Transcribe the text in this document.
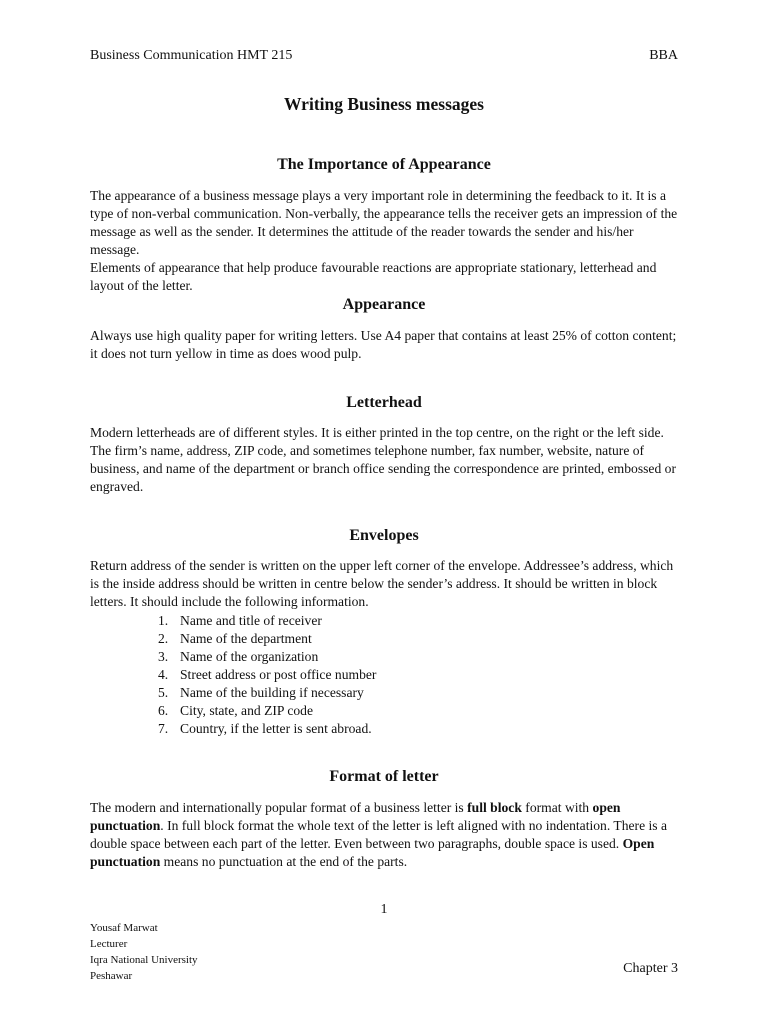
Business Communication HMT 215	BBA
Writing Business messages
The Importance of Appearance

The appearance of a business message plays a very important role in determining the feedback to it. It is a type of non-verbal communication. Non-verbally, the appearance tells the receiver gets an impression of the message as well as the sender. It determines the attitude of the reader towards the sender and his/her message.

Elements of appearance that help produce favourable reactions are appropriate stationary, letterhead and layout of the letter.

Appearance

Always use high quality paper for writing letters. Use A4 paper that contains at least 25% of cotton content; it does not turn yellow in time as does wood pulp.

Letterhead

Modern letterheads are of different styles. It is either printed in the top centre, on the right or the left side. The firm’s name, address, ZIP code, and sometimes telephone number, fax number, website, nature of business, and name of the department or branch office sending the correspondence are printed, embossed or engraved.

Envelopes

Return address of the sender is written on the upper left corner of the envelope. Addressee’s address, which is the inside address should be written in centre below the sender’s address. It should be written in block letters. It should include the following information.

1. Name and title of receiver
2. Name of the department
3. Name of the organization
4. Street address or post office number
5. Name of the building if necessary
6. City, state, and ZIP code
7. Country, if the letter is sent abroad.
Format of letter

The modern and internationally popular format of a business letter is full block format with open punctuation. In full block format the whole text of the letter is left aligned with no indentation. There is a double space between each part of the letter. Even between two paragraphs, double space is used. Open punctuation means no punctuation at the end of the parts.

1
Yousaf Marwat
Lecturer
Iqra National University
Peshawar	Chapter 3
